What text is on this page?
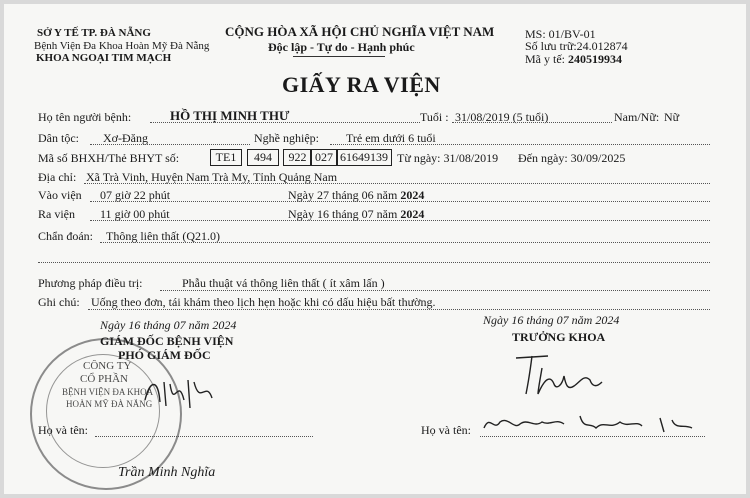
SỞ Y TẾ TP. ĐÀ NẴNG
Bệnh Viện Đa Khoa Hoàn Mỹ Đà Nẵng
KHOA NGOẠI TIM MẠCH
CỘNG HÒA XÃ HỘI CHỦ NGHĨA VIỆT NAM
Độc lập - Tự do - Hạnh phúc
MS: 01/BV-01
Số lưu trữ:24.012874
Mã y tế: 240519934
GIẤY RA VIỆN
Họ tên người bệnh:	HỒ THỊ MINH THƯ	Tuổi : 31/08/2019 (5 tuổi)	Nam/Nữ: Nữ
Dân tộc: Xơ-Đăng	Nghề nghiệp: Trẻ em dưới 6 tuổi
Mã số BHXH/Thẻ BHYT số:	TE1	494	922 027 61649139 Từ ngày: 31/08/2019 Đến ngày: 30/09/2025
Địa chỉ: Xã Trà Vinh, Huyện Nam Trà My, Tỉnh Quảng Nam
Vào viện 07 giờ 22 phút	Ngày 27 tháng 06 năm 2024
Ra viện 11 giờ 00 phút	Ngày 16 tháng 07 năm 2024
Chẩn đoán: Thông liên thất (Q21.0)
Phương pháp điều trị:	Phẫu thuật vá thông liên thất ( ít xâm lấn )
Ghi chú: Uống theo đơn, tái khám theo lịch hẹn hoặc khi có dấu hiệu bất thường.
CÔNG TY
CỔ PHẦN
BỆNH VIỆN ĐA KHOA
HOÀN MỸ ĐÀ NẴNG
Ngày 16 tháng 07 năm 2024
GIÁM ĐỐC BỆNH VIỆN
PHÓ GIÁM ĐỐC
Họ và tên:
Trần Minh Nghĩa
Ngày 16 tháng 07 năm 2024
TRƯỞNG KHOA
Họ và tên:
